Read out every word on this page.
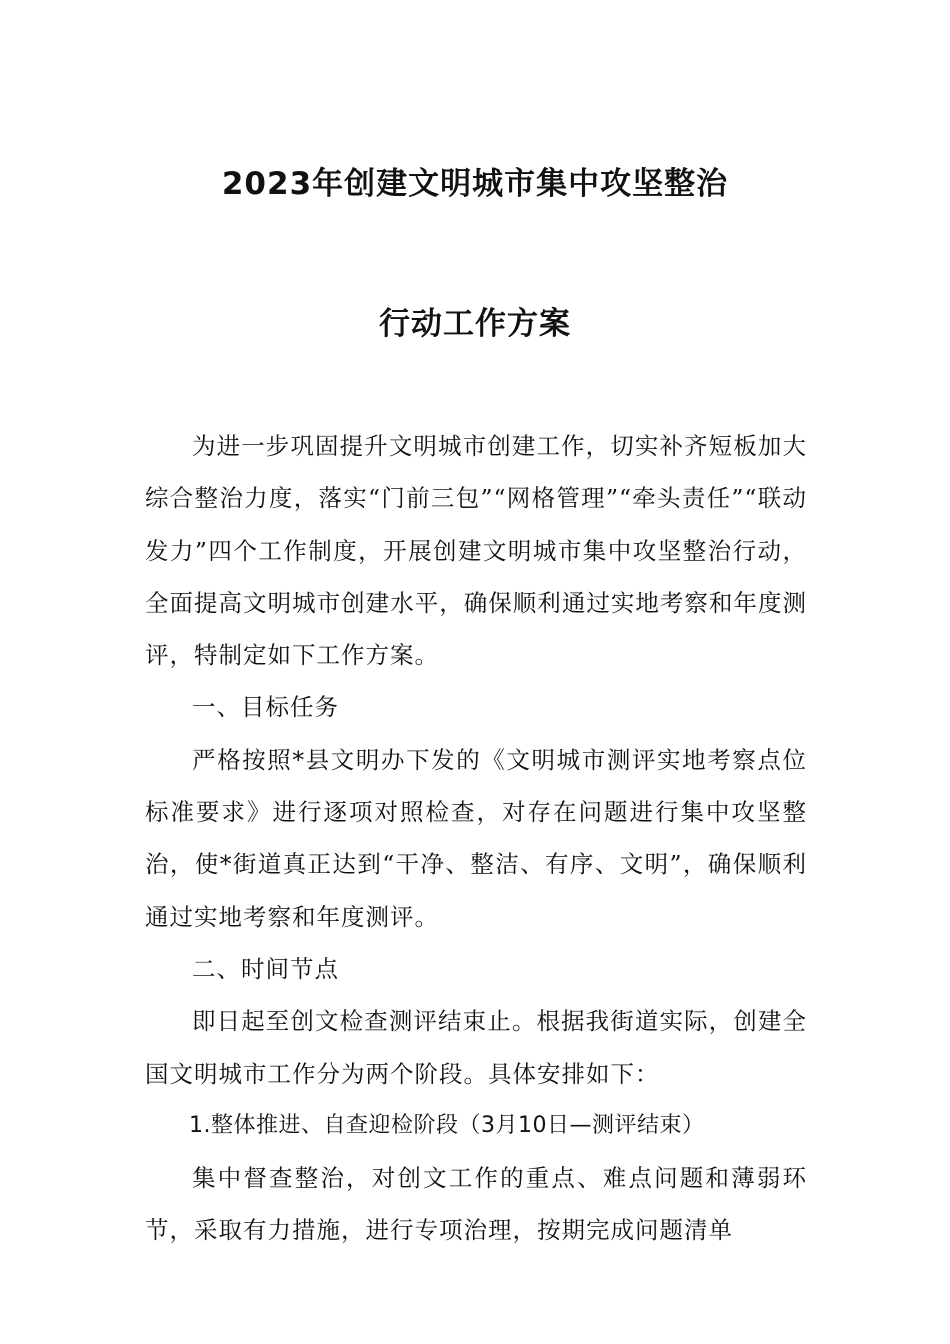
2023年创建文明城市集中攻坚整治
行动工作方案

为进一步巩固提升文明城市创建工作，切实补齐短板加大综合整治力度，落实“门前三包”“网格管理”“牵头责任”“联动发力”四个工作制度，开展创建文明城市集中攻坚整治行动，全面提高文明城市创建水平，确保顺利通过实地考察和年度测评，特制定如下工作方案。

一、目标任务

严格按照*县文明办下发的《文明城市测评实地考察点位标准要求》进行逐项对照检查，对存在问题进行集中攻坚整治，使*街道真正达到“干净、整洁、有序、文明”，确保顺利通过实地考察和年度测评。

二、时间节点

即日起至创文检查测评结束止。根据我街道实际，创建全国文明城市工作分为两个阶段。具体安排如下：

1.整体推进、自查迎检阶段（3月10日—测评结束）

集中督查整治，对创文工作的重点、难点问题和薄弱环节，采取有力措施，进行专项治理，按期完成问题清单
